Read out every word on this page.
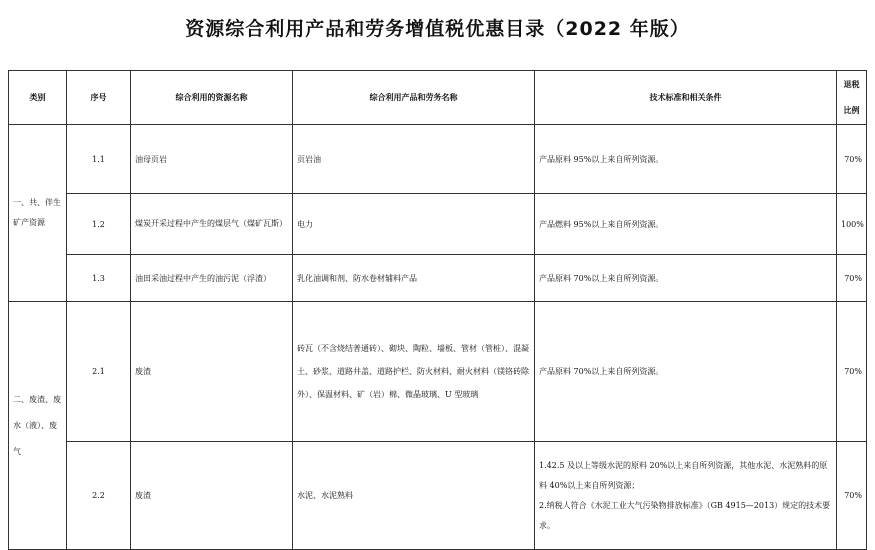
资源综合利用产品和劳务增值税优惠目录（2022 年版）
类别	序号	综合利用的资源名称	综合利用产品和劳务名称	技术标准和相关条件	退税
比例
一、共、伴生矿产资源	1.1	油母页岩	页岩油	产品原料 95%以上来自所列资源。	70%
	1.2	煤炭开采过程中产生的煤层气（煤矿瓦斯）	电力	产品燃料 95%以上来自所列资源。	100%
	1.3	油田采油过程中产生的油污泥（浮渣）	乳化油调和剂、防水卷材辅料产品	产品原料 70%以上来自所列资源。	70%
二、废渣、废水（液）、废气	2.1	废渣	砖瓦（不含烧结普通砖）、砌块、陶粒、墙板、管材（管桩）、混凝土、砂浆、道路井盖、道路护栏、防火材料、耐火材料（镁铬砖除外）、保温材料、矿（岩）棉、微晶玻璃、U 型玻璃	产品原料 70%以上来自所列资源。	70%
	2.2	废渣	水泥、水泥熟料	1.42.5 及以上等级水泥的原料 20%以上来自所列资源，其他水泥、水泥熟料的原料 40%以上来自所列资源；
2.纳税人符合《水泥工业大气污染物排放标准》（GB 4915—2013）规定的技术要求。	70%
